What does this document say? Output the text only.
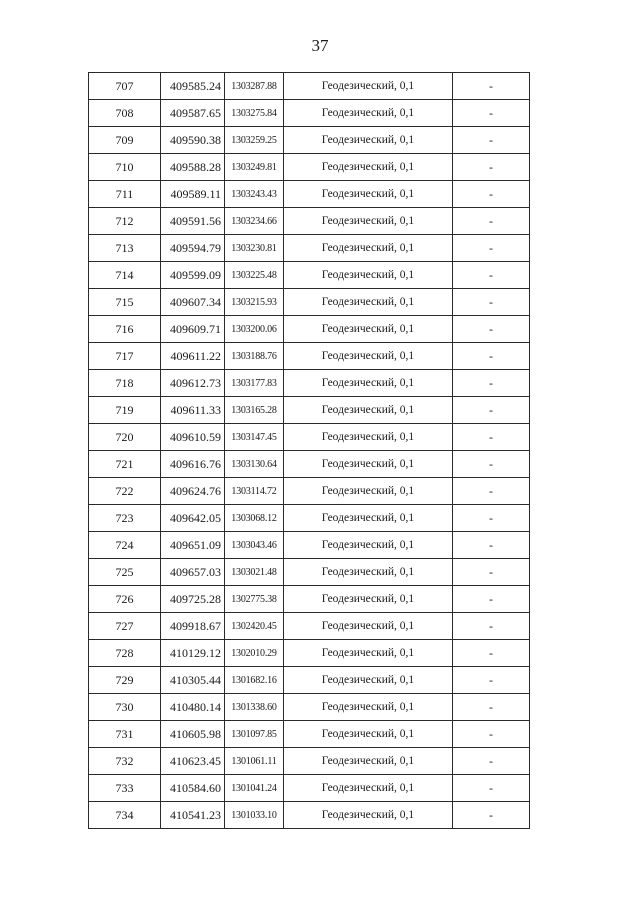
37
707	409585.24	1303287.88	Геодезический, 0,1	-
708	409587.65	1303275.84	Геодезический, 0,1	-
709	409590.38	1303259.25	Геодезический, 0,1	-
710	409588.28	1303249.81	Геодезический, 0,1	-
711	409589.11	1303243.43	Геодезический, 0,1	-
712	409591.56	1303234.66	Геодезический, 0,1	-
713	409594.79	1303230.81	Геодезический, 0,1	-
714	409599.09	1303225.48	Геодезический, 0,1	-
715	409607.34	1303215.93	Геодезический, 0,1	-
716	409609.71	1303200.06	Геодезический, 0,1	-
717	409611.22	1303188.76	Геодезический, 0,1	-
718	409612.73	1303177.83	Геодезический, 0,1	-
719	409611.33	1303165.28	Геодезический, 0,1	-
720	409610.59	1303147.45	Геодезический, 0,1	-
721	409616.76	1303130.64	Геодезический, 0,1	-
722	409624.76	1303114.72	Геодезический, 0,1	-
723	409642.05	1303068.12	Геодезический, 0,1	-
724	409651.09	1303043.46	Геодезический, 0,1	-
725	409657.03	1303021.48	Геодезический, 0,1	-
726	409725.28	1302775.38	Геодезический, 0,1	-
727	409918.67	1302420.45	Геодезический, 0,1	-
728	410129.12	1302010.29	Геодезический, 0,1	-
729	410305.44	1301682.16	Геодезический, 0,1	-
730	410480.14	1301338.60	Геодезический, 0,1	-
731	410605.98	1301097.85	Геодезический, 0,1	-
732	410623.45	1301061.11	Геодезический, 0,1	-
733	410584.60	1301041.24	Геодезический, 0,1	-
734	410541.23	1301033.10	Геодезический, 0,1	-
